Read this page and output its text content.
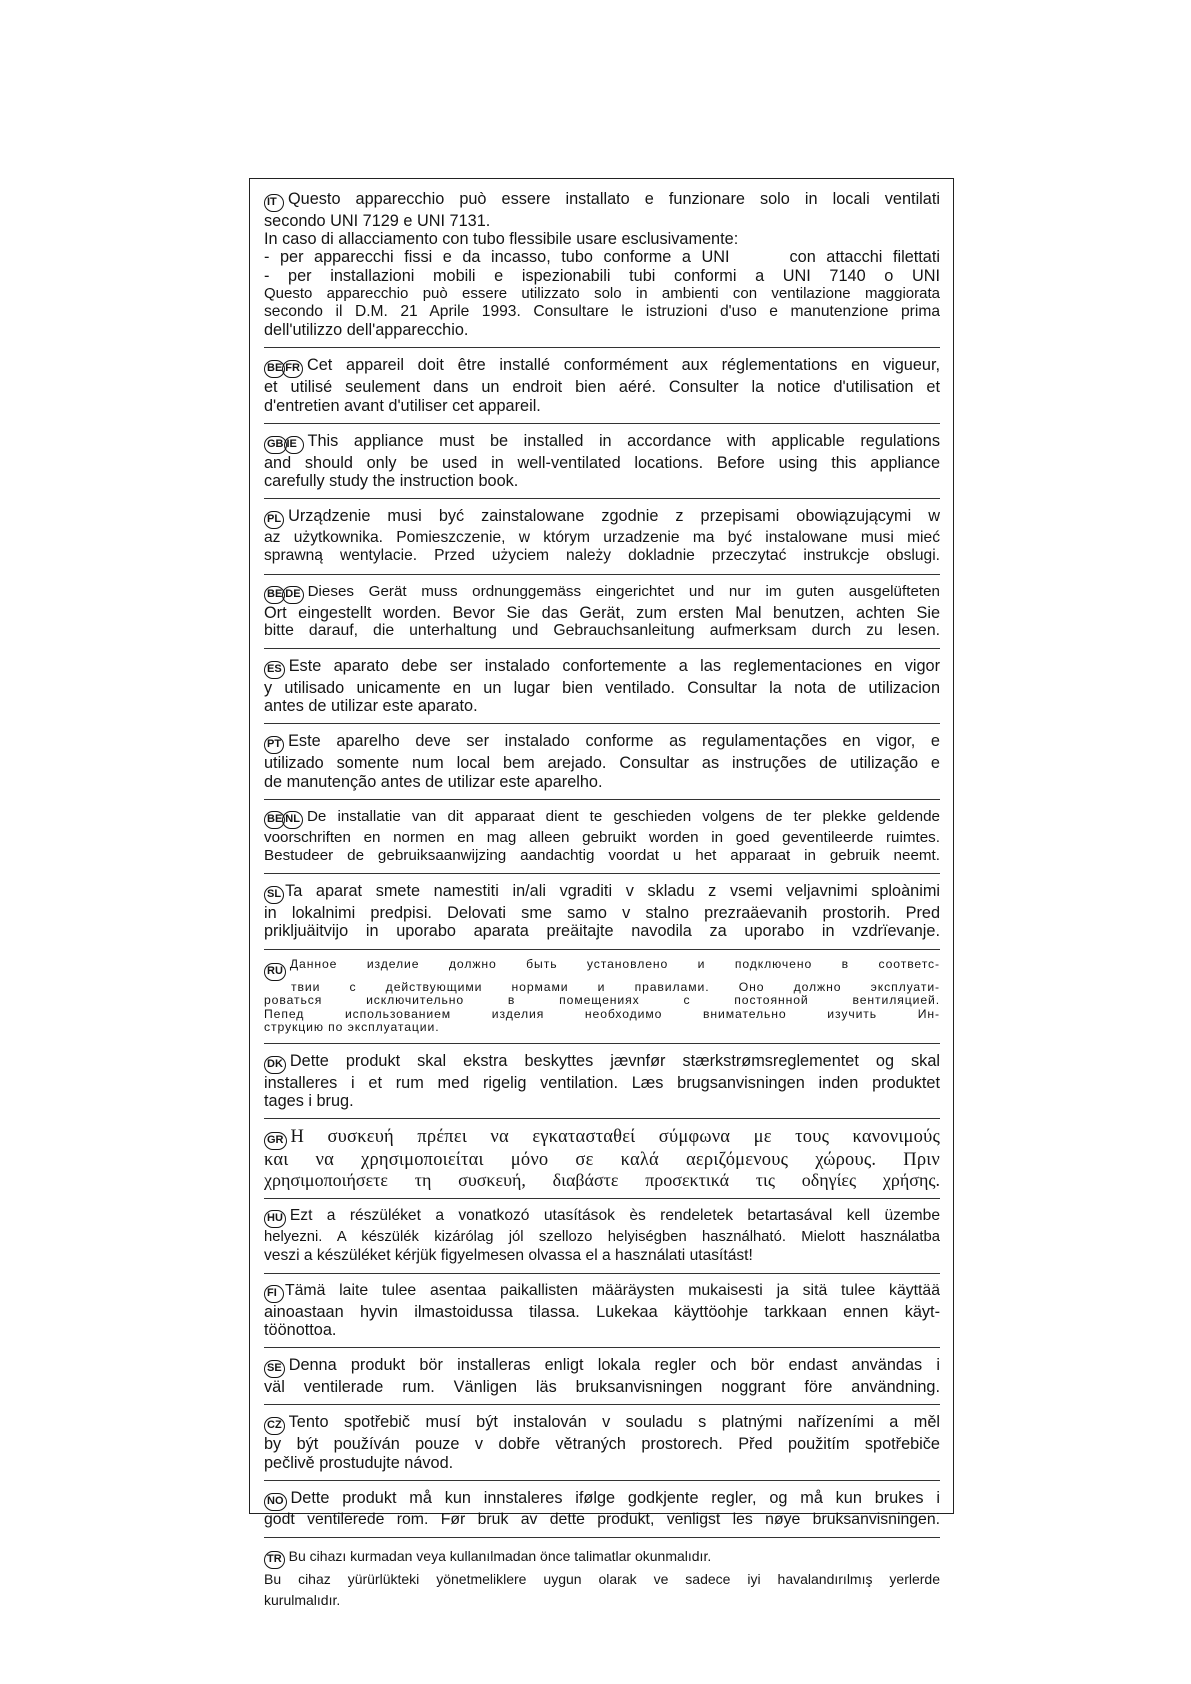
IT Questo apparecchio può essere installato e funzionare solo in locali ventilati
secondo UNI 7129 e UNI 7131.
In caso di allacciamento con tubo flessibile usare esclusivamente:
- per apparecchi fissi e da incasso, tubo conforme a UNI	con attacchi filettati
- per installazioni mobili e ispezionabili tubi conformi a UNI 7140 o UNI
Questo apparecchio può essere utilizzato solo in ambienti con ventilazione maggiorata
secondo il D.M. 21 Aprile 1993. Consultare le istruzioni d'uso e manutenzione prima
dell'utilizzo dell'apparecchio.
BE FR Cet appareil doit être installé conformément aux réglementations en vigueur,
et utilisé seulement dans un endroit bien aéré. Consulter la notice d'utilisation et
d'entretien avant d'utiliser cet appareil.
GB IE This appliance must be installed in accordance with applicable regulations
and should only be used in well-ventilated locations. Before using this appliance
carefully study the instruction book.
PL Urządzenie musi być zainstalowane zgodnie z przepisami obowiązującymi w
az użytkownika. Pomieszczenie, w którym urzadzenie ma być instalowane musi mieć
sprawną wentylacie. Przed użyciem należy dokladnie przeczytać instrukcje obslugi.
BE DE Dieses Gerät muss ordnunggemäss eingerichtet und nur im guten ausgelüfteten
Ort eingestellt worden. Bevor Sie das Gerät, zum ersten Mal benutzen, achten Sie
bitte darauf, die unterhaltung und Gebrauchsanleitung aufmerksam durch zu lesen.
ES Este aparato debe ser instalado confortemente a las reglementaciones en vigor
y utilisado unicamente en un lugar bien ventilado. Consultar la nota de utilizacion
antes de utilizar este aparato.
PT Este aparelho deve ser instalado conforme as regulamentações en vigor, e
utilizado somente num local bem arejado. Consultar as instruções de utilização e
de manutenção antes de utilizar este aparelho.
BE NL De installatie van dit apparaat dient te geschieden volgens de ter plekke geldende
voorschriften en normen en mag alleen gebruikt worden in goed geventileerde ruimtes.
Bestudeer de gebruiksaanwijzing aandachtig voordat u het apparaat in gebruik neemt.
SL Ta aparat smete namestiti in/ali vgraditi v skladu z vsemi veljavnimi sploànimi
in lokalnimi predpisi. Delovati sme samo v stalno prezraäevanih prostorih. Pred
prikljuäitvijo in uporabo aparata preäitajte navodila za uporabo in vzdrïevanje.
RU Данное изделие должно быть установлено и подключено в соответс-
твии с действующими нормами и правилами. Оно должно эксплуати-
роваться исключительно в помещениях с постоянной вентиляцией.
Пепед использованием изделия необходимо внимательно изучить Ин-
струкцию по эксплуатации.
DK Dette produkt skal ekstra beskyttes jævnfør stærkstrømsreglementet og skal
installeres i et rum med rigelig ventilation. Læs brugsanvisningen inden produktet
tages i brug.
GR Η συσκευή πρέπει να εγκατασταθεί σύμφωνα με τους κανονιμούς
και να χρησιμοποιείται μόνο σε καλά αεριζόμενους χώρους. Πριν
χρησιμοποιήσετε τη συσκευή, διαβάστε προσεκτικά τις οδηγίες χρήσης.
HU Ezt a részüléket a vonatkozó utasítások ès rendeletek betartasával kell üzembe
helyezni. A készülék kizárólag jól szellozo helyiségben használható. Mielott használatba
veszi a készüléket kérjük figyelmesen olvassa el a használati utasítást!
FI Tämä laite tulee asentaa paikallisten määräysten mukaisesti ja sitä tulee käyttää
ainoastaan hyvin ilmastoidussa tilassa. Lukekaa käyttöohje tarkkaan ennen käyt-
töönottoa.
SE Denna produkt bör installeras enligt lokala regler och bör endast användas i
väl ventilerade rum. Vänligen läs bruksanvisningen noggrant före användning.
CZ Tento spotřebič musí být instalován v souladu s platnými nařízeními a měl
by být používán pouze v dobře větraných prostorech. Před použitím spotřebiče
pečlivě prostudujte návod.
NO Dette produkt må kun innstaleres ifølge godkjente regler, og må kun brukes i
godt ventilerede rom. Før bruk av dette produkt, venligst les nøye bruksanvisningen.
TR Bu cihazı kurmadan veya kullanılmadan önce talimatlar okunmalıdır.
Bu cihaz yürürlükteki yönetmeliklere uygun olarak ve sadece iyi havalandırılmış yerlerde
kurulmalıdır.
